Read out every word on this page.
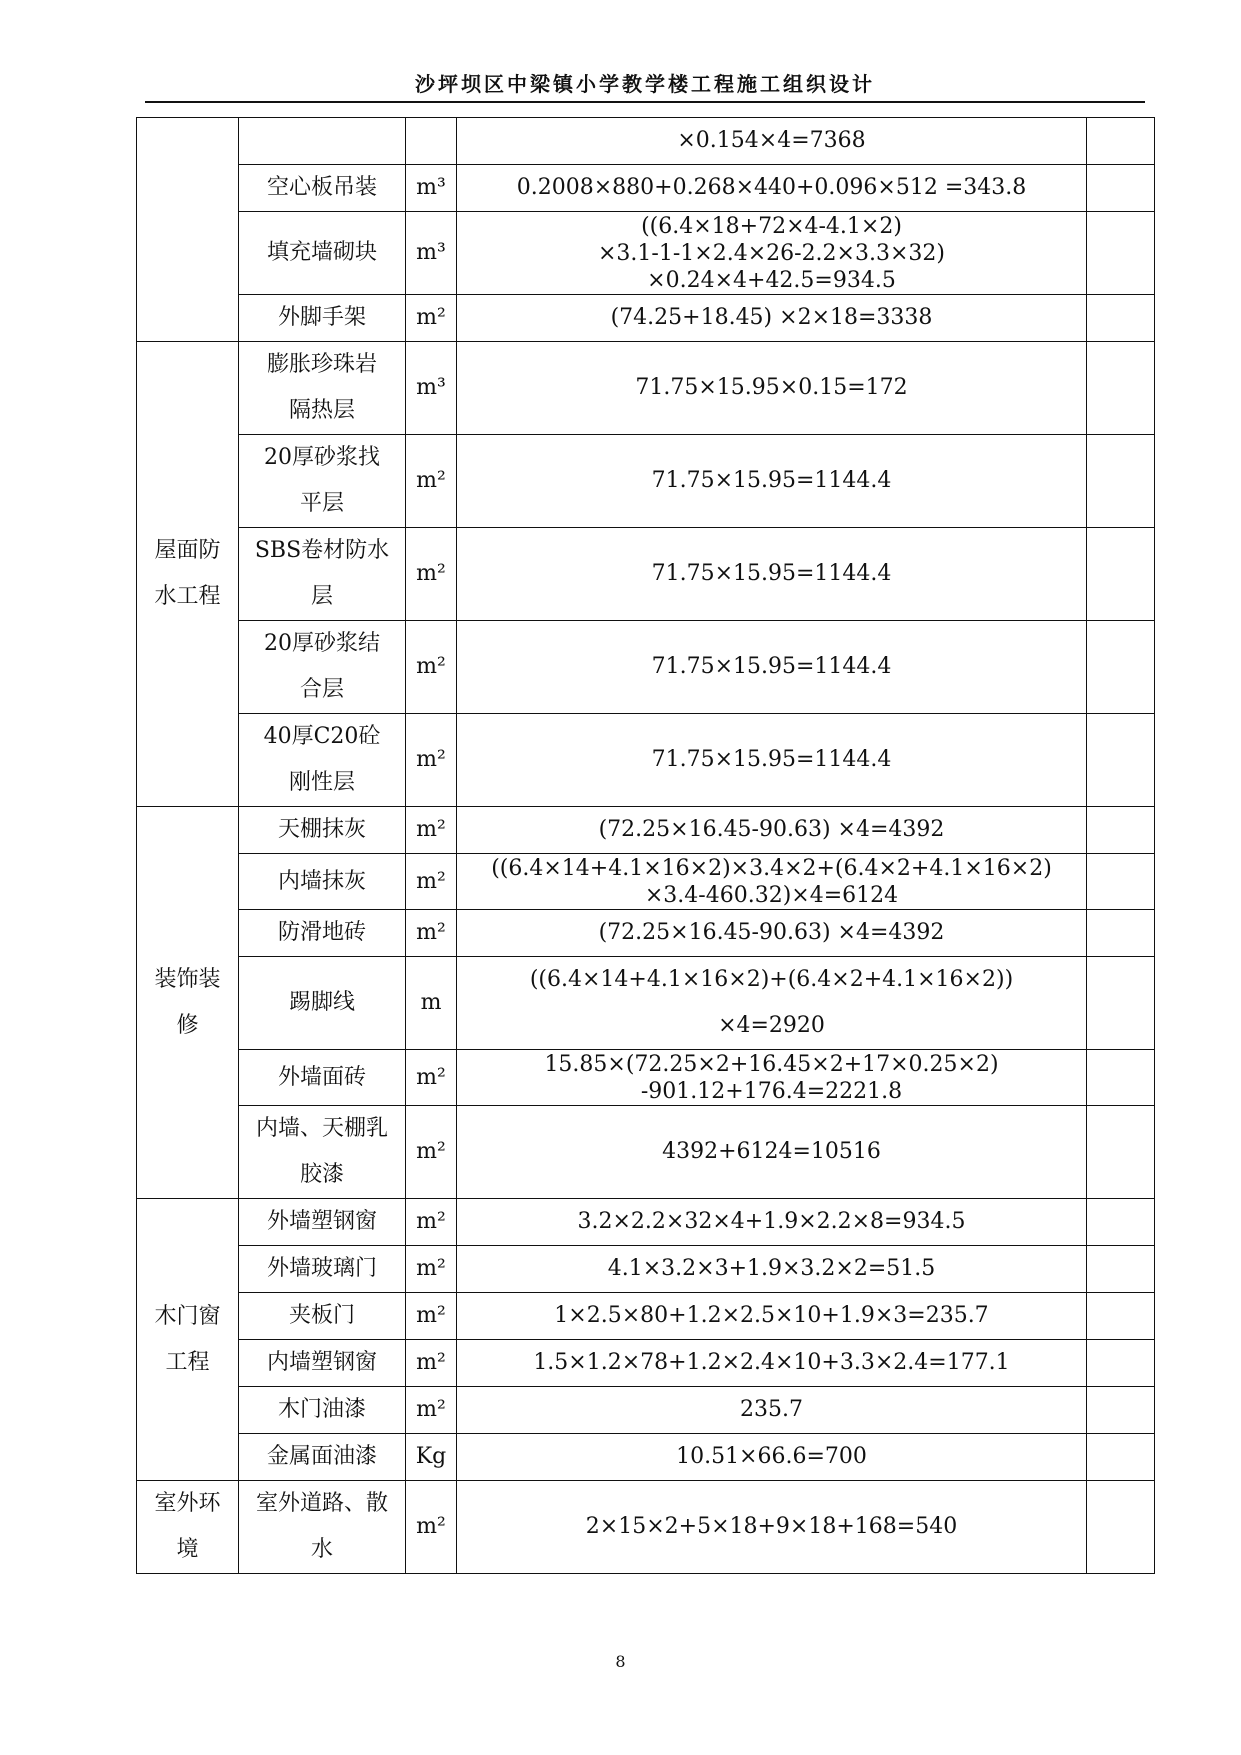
沙坪坝区中梁镇小学教学楼工程施工组织设计
			×0.154×4=7368	
	空心板吊装	m³	0.2008×880+0.268×440+0.096×512 =343.8	
	填充墙砌块	m³	((6.4×18+72×4-4.1×2)
×3.1-1-1×2.4×26-2.2×3.3×32)
×0.24×4+42.5=934.5	
	外脚手架	m²	(74.25+18.45) ×2×18=3338	
屋面防
水工程	膨胀珍珠岩
隔热层	m³	71.75×15.95×0.15=172	
	20厚砂浆找
平层	m²	71.75×15.95=1144.4	
	SBS卷材防水
层	m²	71.75×15.95=1144.4	
	20厚砂浆结
合层	m²	71.75×15.95=1144.4	
	40厚C20砼
刚性层	m²	71.75×15.95=1144.4	
装饰装
修	天棚抹灰	m²	(72.25×16.45-90.63) ×4=4392	
	内墙抹灰	m²	((6.4×14+4.1×16×2)×3.4×2+(6.4×2+4.1×16×2)
×3.4-460.32)×4=6124	
	防滑地砖	m²	(72.25×16.45-90.63) ×4=4392	
	踢脚线	m	((6.4×14+4.1×16×2)+(6.4×2+4.1×16×2))
×4=2920	
	外墙面砖	m²	15.85×(72.25×2+16.45×2+17×0.25×2)
-901.12+176.4=2221.8	
	内墙、天棚乳
胶漆	m²	4392+6124=10516	
木门窗
工程	外墙塑钢窗	m²	3.2×2.2×32×4+1.9×2.2×8=934.5	
	外墙玻璃门	m²	4.1×3.2×3+1.9×3.2×2=51.5	
	夹板门	m²	1×2.5×80+1.2×2.5×10+1.9×3=235.7	
	内墙塑钢窗	m²	1.5×1.2×78+1.2×2.4×10+3.3×2.4=177.1	
	木门油漆	m²	235.7	
	金属面油漆	Kg	10.51×66.6=700	
室外环
境	室外道路、散
水	m²	2×15×2+5×18+9×18+168=540	
8
